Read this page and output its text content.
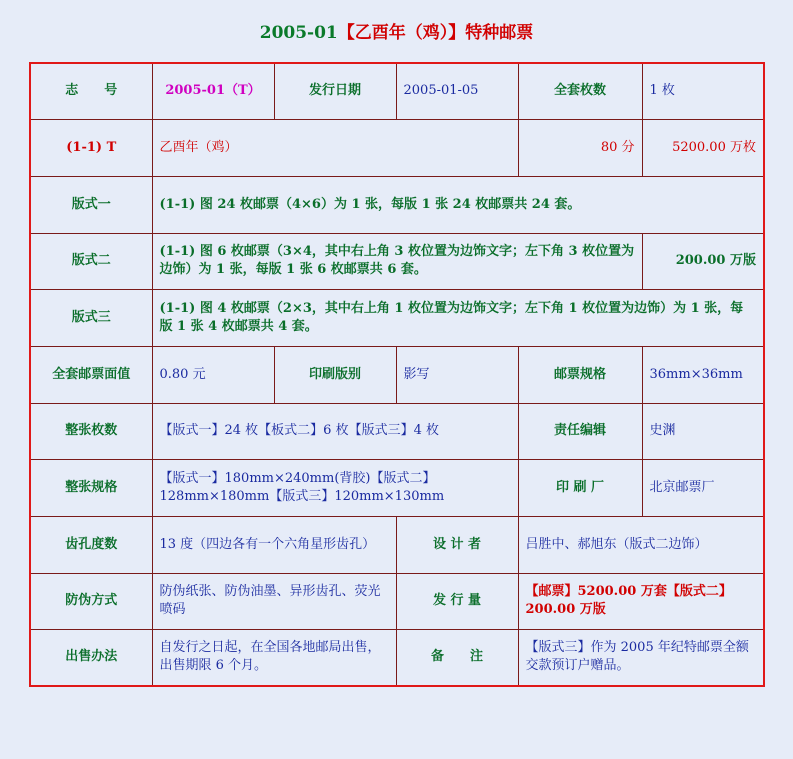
2005-01【乙酉年（鸡）】特种邮票
志　　号	2005-01（T）	发行日期	2005-01-05	全套枚数	1 枚
(1-1) T	乙酉年（鸡）			80 分	5200.00 万枚
版式一	(1-1) 图 24 枚邮票（4×6）为 1 张，每版 1 张 24 枚邮票共 24 套。				
版式二	(1-1) 图 6 枚邮票（3×4，其中右上角 3 枚位置为边饰文字；左下角 3 枚位置为边饰）为 1 张，每版 1 张 6 枚邮票共 6 套。				200.00 万版
版式三	(1-1) 图 4 枚邮票（2×3，其中右上角 1 枚位置为边饰文字；左下角 1 枚位置为边饰）为 1 张，每版 1 张 4 枚邮票共 4 套。				
全套邮票面值	0.80 元	印刷版别	影写	邮票规格	36mm×36mm
整张枚数	【版式一】24 枚【板式二】6 枚【版式三】4 枚			责任编辑	史渊
整张规格	【版式一】180mm×240mm(背胶)【版式二】128mm×180mm【版式三】120mm×130mm			印 刷 厂	北京邮票厂
齿孔度数	13 度（四边各有一个六角星形齿孔）		设 计 者	吕胜中、郝旭东（版式二边饰）	
防伪方式	防伪纸张、防伪油墨、异形齿孔、荧光喷码		发 行 量	【邮票】5200.00 万套【版式二】200.00 万版	
出售办法	自发行之日起，在全国各地邮局出售，出售期限 6 个月。		备　　注	【版式三】作为 2005 年纪特邮票全额交款预订户赠品。	
